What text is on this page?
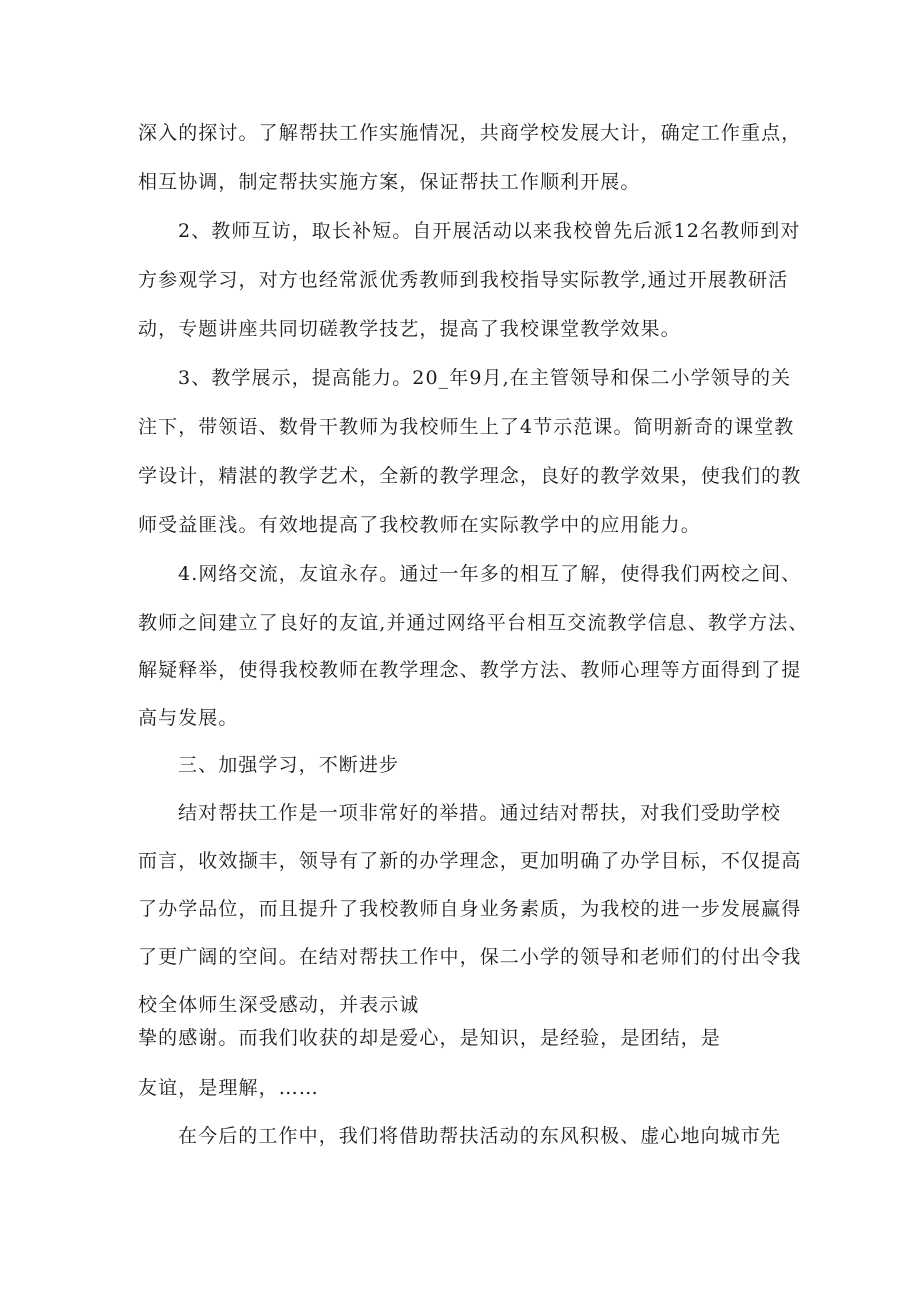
深入的探讨。了解帮扶工作实施情况，共商学校发展大计，确定工作重点，
相互协调，制定帮扶实施方案，保证帮扶工作顺利开展。
2、教师互访，取长补短。自开展活动以来我校曾先后派12名教师到对
方参观学习，对方也经常派优秀教师到我校指导实际教学,通过开展教研活
动，专题讲座共同切磋教学技艺，提高了我校课堂教学效果。
3、教学展示，提高能力。20_年9月,在主管领导和保二小学领导的关
注下，带领语、数骨干教师为我校师生上了4节示范课。简明新奇的课堂教
学设计，精湛的教学艺术，全新的教学理念，良好的教学效果，使我们的教
师受益匪浅。有效地提高了我校教师在实际教学中的应用能力。
4.网络交流，友谊永存。通过一年多的相互了解，使得我们两校之间、
教师之间建立了良好的友谊,并通过网络平台相互交流教学信息、教学方法、
解疑释举，使得我校教师在教学理念、教学方法、教师心理等方面得到了提
高与发展。
三、加强学习，不断进步
结对帮扶工作是一项非常好的举措。通过结对帮扶，对我们受助学校
而言，收效撷丰，领导有了新的办学理念，更加明确了办学目标，不仅提高
了办学品位，而且提升了我校教师自身业务素质，为我校的进一步发展赢得
了更广阔的空间。在结对帮扶工作中，保二小学的领导和老师们的付出令我
校全体师生深受感动，并表示诚
挚的感谢。而我们收获的却是爱心，是知识，是经验，是团结，是
友谊，是理解，……
在今后的工作中，我们将借助帮扶活动的东风积极、虚心地向城市先
